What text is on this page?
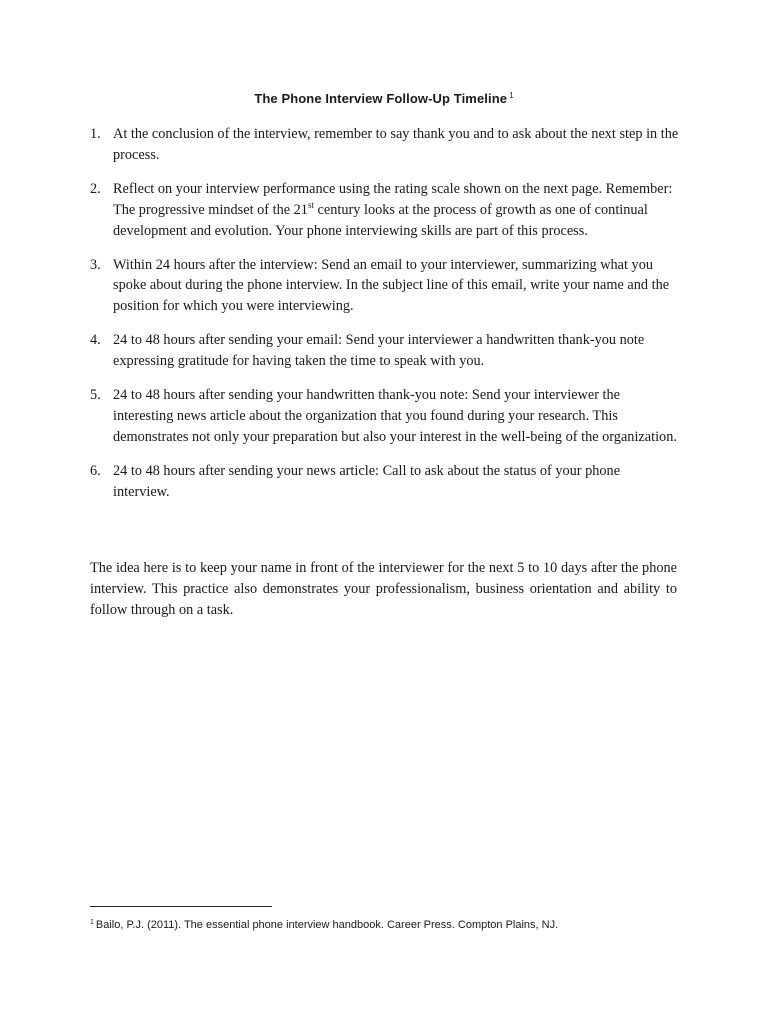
The Phone Interview Follow-Up Timeline $^1$
1. At the conclusion of the interview, remember to say thank you and to ask about the next step in the process.
2. Reflect on your interview performance using the rating scale shown on the next page. Remember: The progressive mindset of the 21st century looks at the process of growth as one of continual development and evolution. Your phone interviewing skills are part of this process.
3. Within 24 hours after the interview: Send an email to your interviewer, summarizing what you spoke about during the phone interview. In the subject line of this email, write your name and the position for which you were interviewing.
4. 24 to 48 hours after sending your email: Send your interviewer a handwritten thank-you note expressing gratitude for having taken the time to speak with you.
5. 24 to 48 hours after sending your handwritten thank-you note: Send your interviewer the interesting news article about the organization that you found during your research. This demonstrates not only your preparation but also your interest in the well-being of the organization.
6. 24 to 48 hours after sending your news article: Call to ask about the status of your phone interview.

The idea here is to keep your name in front of the interviewer for the next 5 to 10 days after the phone interview. This practice also demonstrates your professionalism, business orientation and ability to follow through on a task.

$^1$ Bailo, P.J. (2011). The essential phone interview handbook. Career Press. Compton Plains, NJ.
